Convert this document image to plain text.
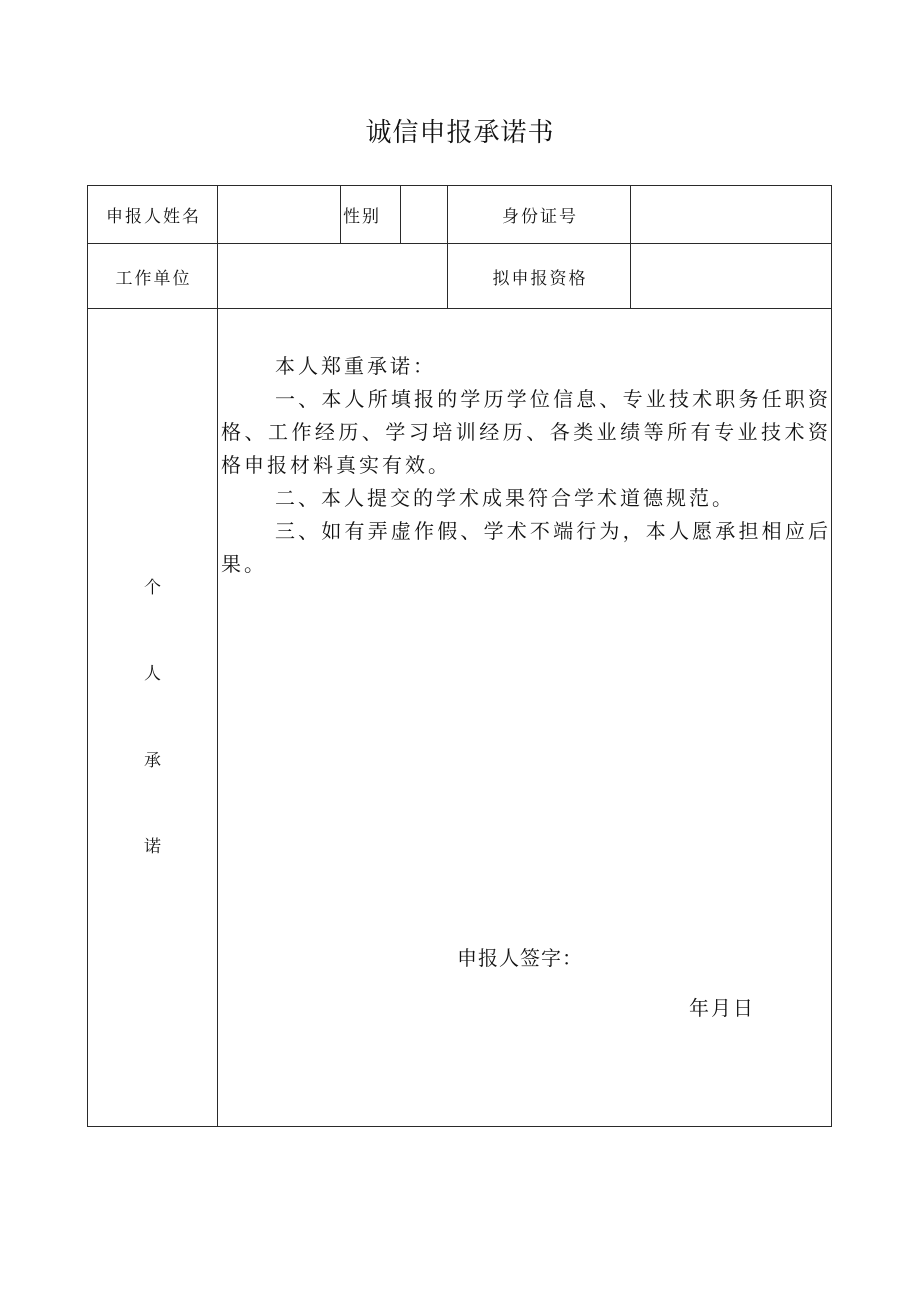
诚信申报承诺书
申报人姓名	性别	身份证号
工作单位	拟申报资格
个
人
承
诺

本人郑重承诺：

一、本人所填报的学历学位信息、专业技术职务任职资格、工作经历、学习培训经历、各类业绩等所有专业技术资格申报材料真实有效。

二、本人提交的学术成果符合学术道德规范。

三、如有弄虚作假、学术不端行为，本人愿承担相应后果。

申报人签字：
年月日
